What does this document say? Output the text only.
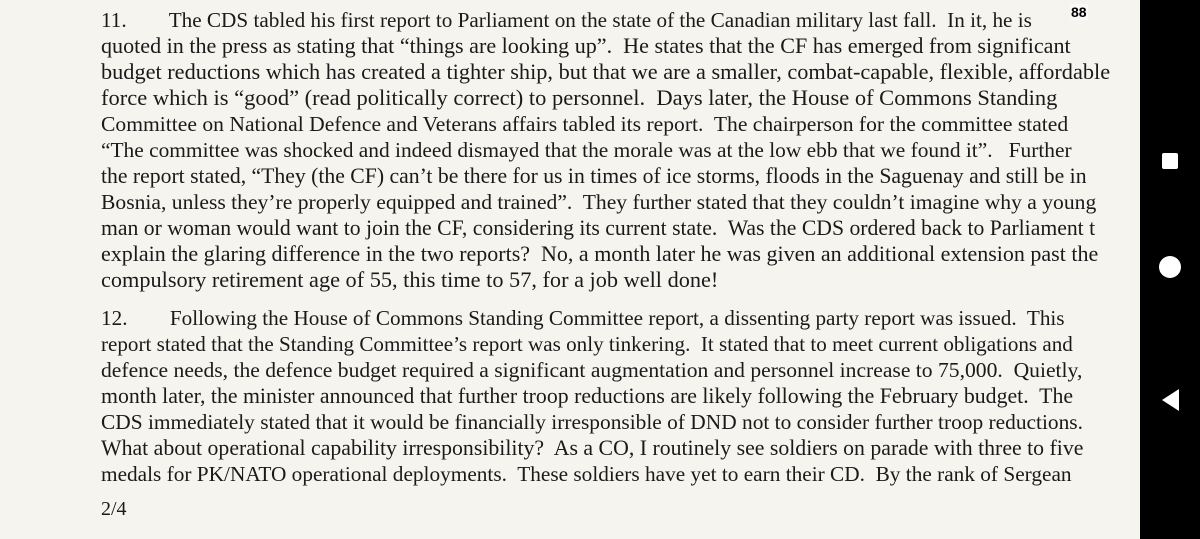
11.        The CDS tabled his first report to Parliament on the state of the Canadian military last fall.  In it, he is
quoted in the press as stating that “things are looking up”.  He states that the CF has emerged from significant
budget reductions which has created a tighter ship, but that we are a smaller, combat-capable, flexible, affordable
force which is “good” (read politically correct) to personnel.  Days later, the House of Commons Standing
Committee on National Defence and Veterans affairs tabled its report.  The chairperson for the committee stated
“The committee was shocked and indeed dismayed that the morale was at the low ebb that we found it”.   Further
the report stated, “They (the CF) can’t be there for us in times of ice storms, floods in the Saguenay and still be in
Bosnia, unless they’re properly equipped and trained”.  They further stated that they couldn’t imagine why a young
man or woman would want to join the CF, considering its current state.  Was the CDS ordered back to Parliament t
explain the glaring difference in the two reports?  No, a month later he was given an additional extension past the
compulsory retirement age of 55, this time to 57, for a job well done!
12.        Following the House of Commons Standing Committee report, a dissenting party report was issued.  This
report stated that the Standing Committee’s report was only tinkering.  It stated that to meet current obligations and
defence needs, the defence budget required a significant augmentation and personnel increase to 75,000.  Quietly,
month later, the minister announced that further troop reductions are likely following the February budget.  The
CDS immediately stated that it would be financially irresponsible of DND not to consider further troop reductions.
What about operational capability irresponsibility?  As a CO, I routinely see soldiers on parade with three to five
medals for PK/NATO operational deployments.  These soldiers have yet to earn their CD.  By the rank of Sergean
2/4
88
